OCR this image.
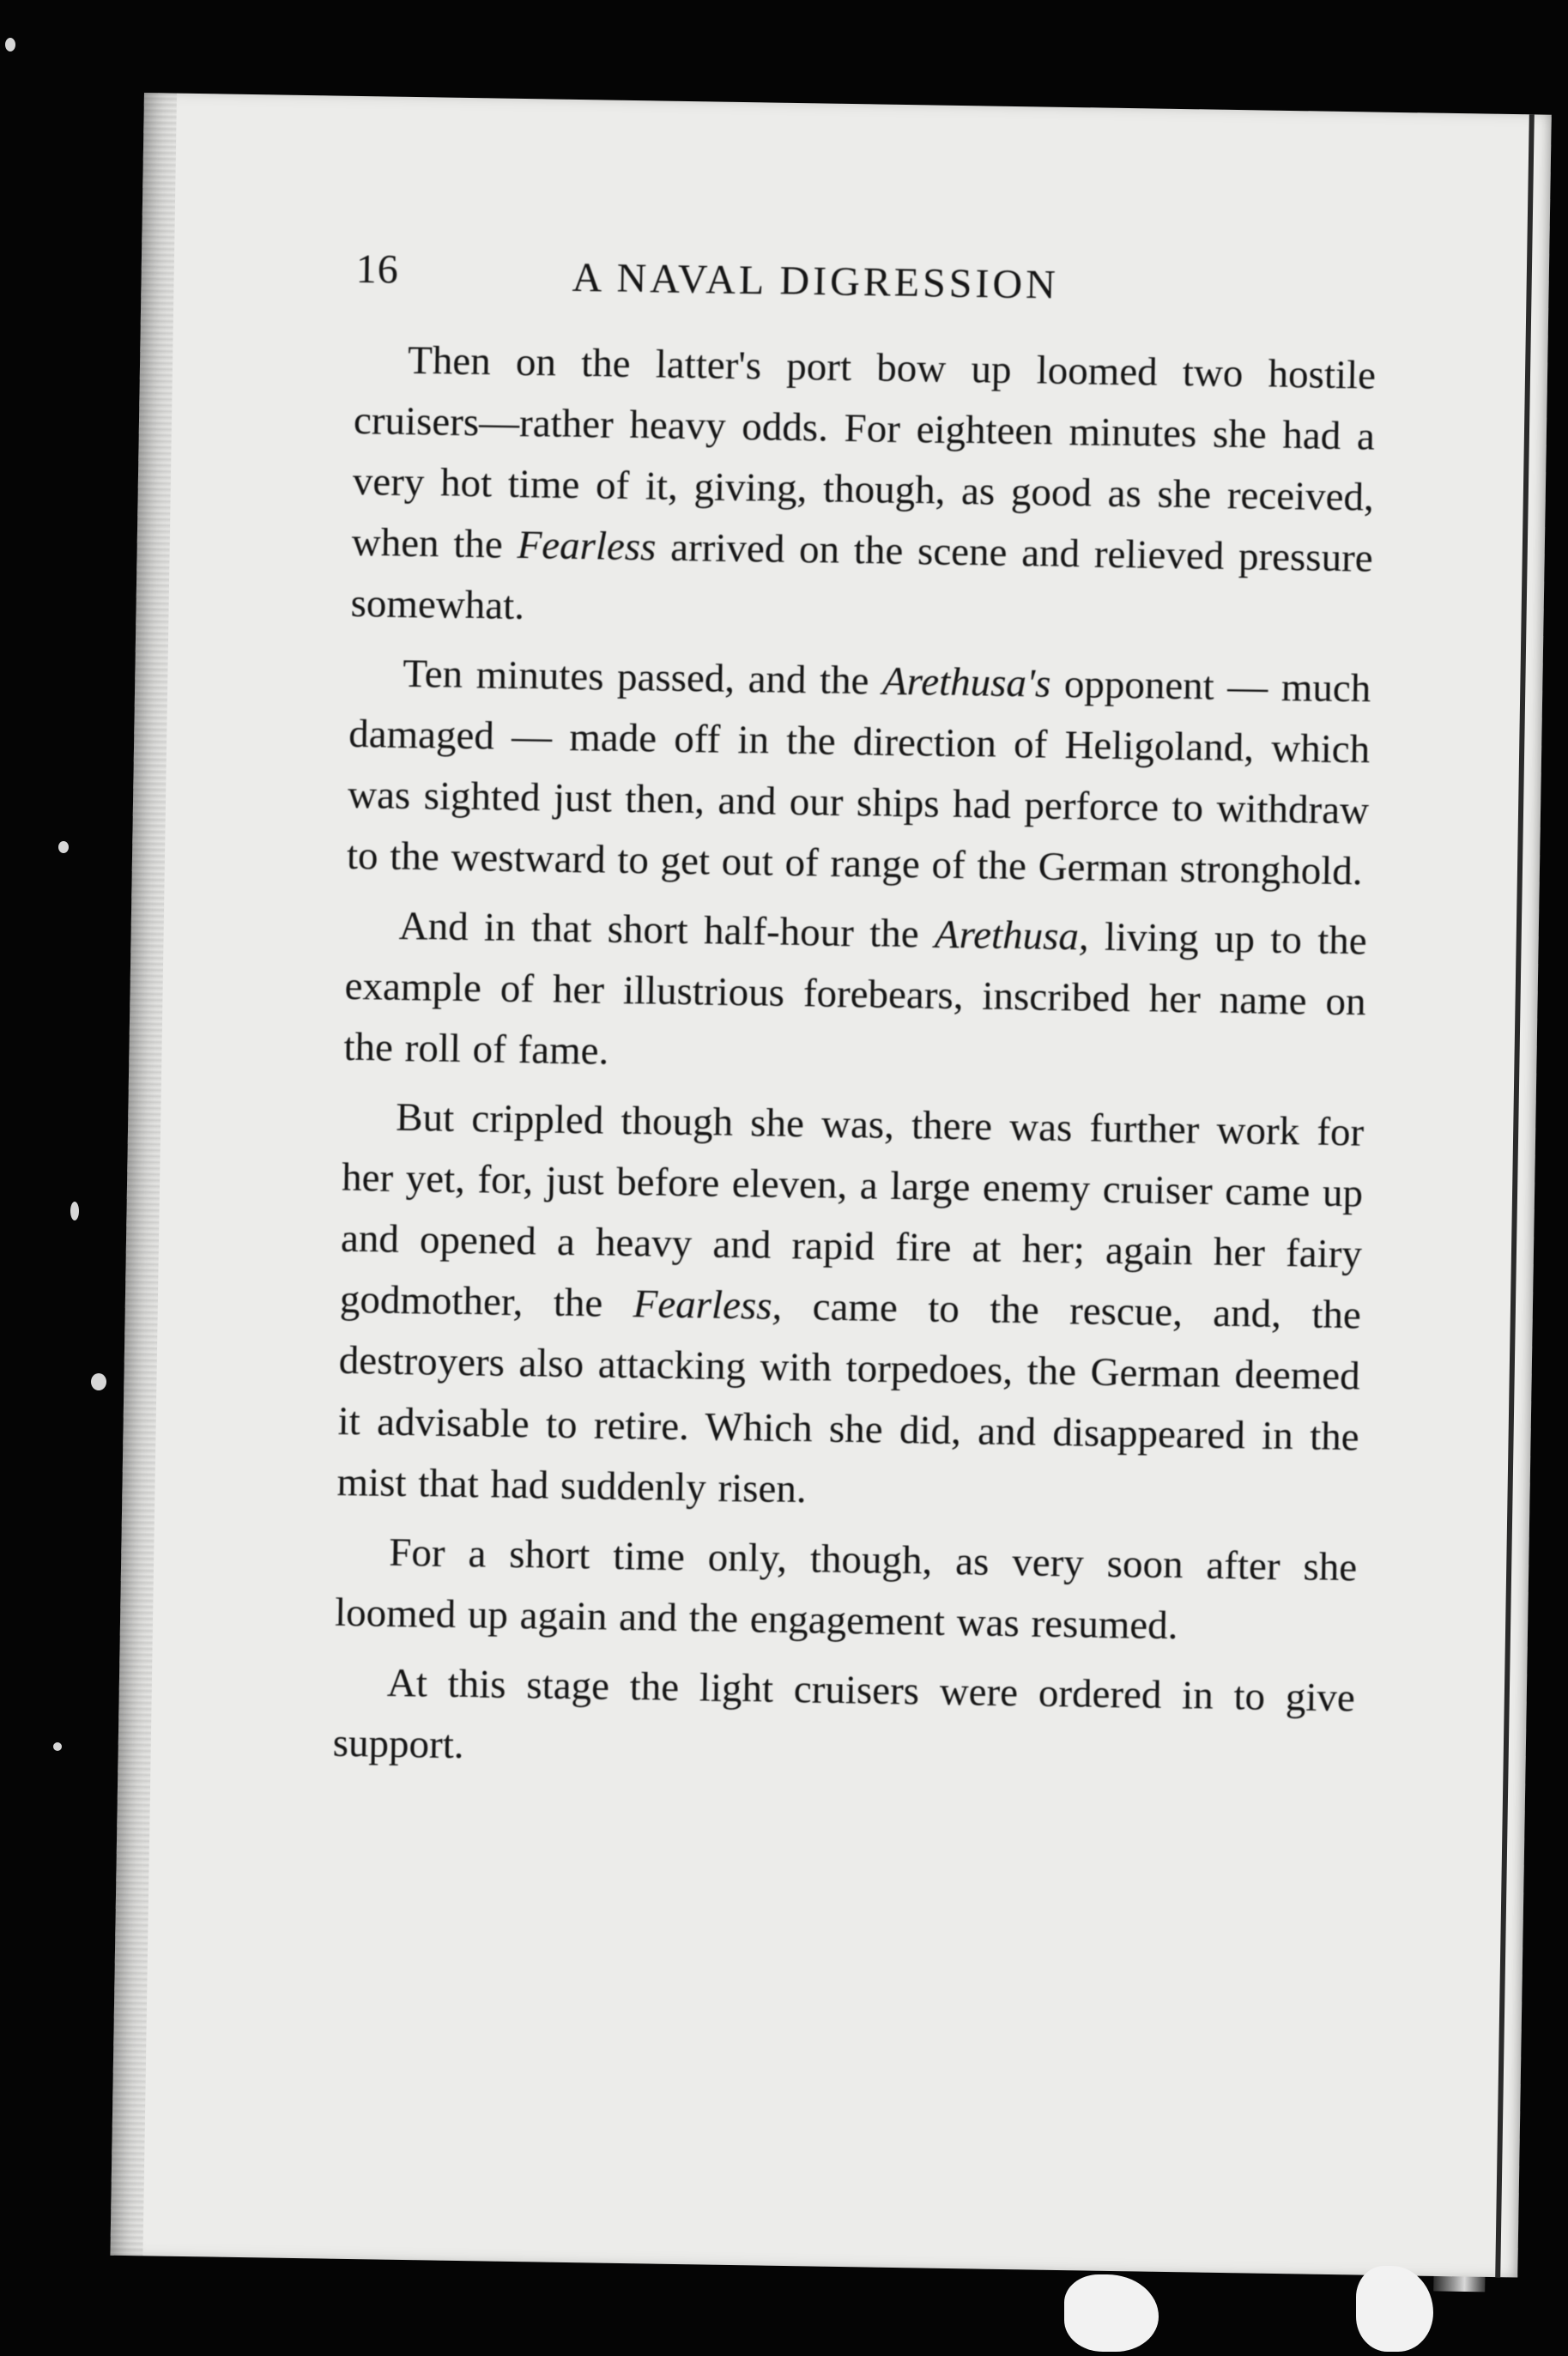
16	A NAVAL DIGRESSION

Then on the latter's port bow up loomed two hostile cruisers—rather heavy odds. For eighteen minutes she had a very hot time of it, giving, though, as good as she received, when the Fearless arrived on the scene and relieved pressure somewhat.

Ten minutes passed, and the Arethusa's opponent — much damaged — made off in the direction of Heligoland, which was sighted just then, and our ships had perforce to withdraw to the westward to get out of range of the German stronghold.

And in that short half-hour the Arethusa, living up to the example of her illustrious forebears, inscribed her name on the roll of fame.

But crippled though she was, there was further work for her yet, for, just before eleven, a large enemy cruiser came up and opened a heavy and rapid fire at her; again her fairy godmother, the Fearless, came to the rescue, and, the destroyers also attacking with torpedoes, the German deemed it advisable to retire. Which she did, and disappeared in the mist that had suddenly risen.

For a short time only, though, as very soon after she loomed up again and the engagement was resumed.

At this stage the light cruisers were ordered in to give support.
